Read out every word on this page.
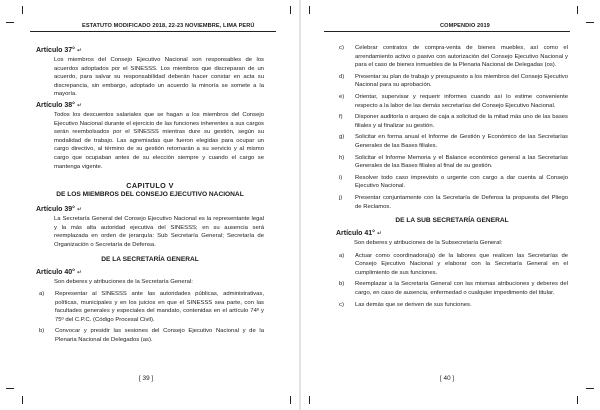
ESTATUTO MODIFICADO 2018, 22-23 NOVIEMBRE, LIMA PERÚ
Artículo 37° ↵
Los miembros del Consejo Ejecutivo Nacional son responsables de los acuerdos adoptados por el SINESSS. Los miembros que discreparan de un acuerdo, para salvar su responsabilidad deberán hacer constar en acta su discrepancia, sin embargo, adoptado un acuerdo la minoría se somete a la mayoría.
Artículo 38° ↵
Todos los descuentos salariales que se hagan a los miembros del Consejo Ejecutivo Nacional durante el ejercicio de las funciones inherentes a sus cargos serán reembolsados por el SINESSS mientras dure su gestión, según su modalidad de trabajo. Las agremiadas que fueron elegidas para ocupar un cargo directivo, al término de su gestión retornarán a su servicio y al mismo cargo que ocupaban antes de su elección siempre y cuando el cargo se mantenga vigente.
CAPITULO V
DE LOS MIEMBROS DEL CONSEJO EJECUTIVO NACIONAL
Artículo 39° ↵
La Secretaría General del Consejo Ejecutivo Nacional es la representante legal y la más alta autoridad ejecutiva del SINESSS; en su ausencia será reemplazada en orden de jerarquía: Sub Secretaría General; Secretaría de Organización o Secretaría de Defensa.
DE LA SECRETARÍA GENERAL
Artículo 40° ↵
Son deberes y atribuciones de la Secretaría General:
a)	Representar al SINESSS ante las autoridades públicas, administrativas, políticas, municipales y en los juicios en que el SINESSS sea parte, con las facultades generales y especiales del mandato, contenidas en el artículo 74º y 75º del C.P.C. (Código Procesal Civil).
b)	Convocar y presidir las sesiones del Consejo Ejecutivo Nacional y de la Plenaria Nacional de Delegados (as).
[ 39 ]
COMPENDIO 2019
c)	Celebrar contratos de compra-venta de bienes muebles, así como el arrendamiento activo o pasivo con autorización del Consejo Ejecutivo Nacional y para el caso de bienes inmuebles de la Plenaria Nacional de Delegadas (os).
d)	Presentar su plan de trabajo y presupuesto a los miembros del Consejo Ejecutivo Nacional para su aprobación.
e)	Orientar, supervisar y requerir informes cuando así lo estime conveniente respecto a la labor de las demás secretarías del Consejo Ejecutivo Nacional.
f)	Disponer auditoría o arqueo de caja a solicitud de la mitad más uno de las bases filiales y al finalizar su gestión.
g)	Solicitar en forma anual el Informe de Gestión y Económico de las Secretarías Generales de las Bases filiales.
h)	Solicitar el Informe Memoria y el Balance económico general a las Secretarías Generales de las Bases filiales al final de su gestión.
i)	Resolver todo caso imprevisto o urgente con cargo a dar cuenta al Consejo Ejecutivo Nacional.
j)	Presentar conjuntamente con la Secretaría de Defensa la propuesta del Pliego de Reclamos.
DE LA SUB SECRETARÍA GENERAL
Artículo 41° ↵
Son deberes y atribuciones de la Subsecretaría General:
a)	Actuar como coordinadora(a) de la labores que realicen las Secretarías de Consejo Ejecutivo Nacional y elaborar con la Secretaría General en el cumplimiento de sus funciones.
b)	Reemplazar a la Secretaría General con las mismas atribuciones y deberes del cargo, en caso de ausencia, enfermedad o cualquier impedimento del titular.
c)	Las demás que se deriven de sus funciones.
[ 40 ]
